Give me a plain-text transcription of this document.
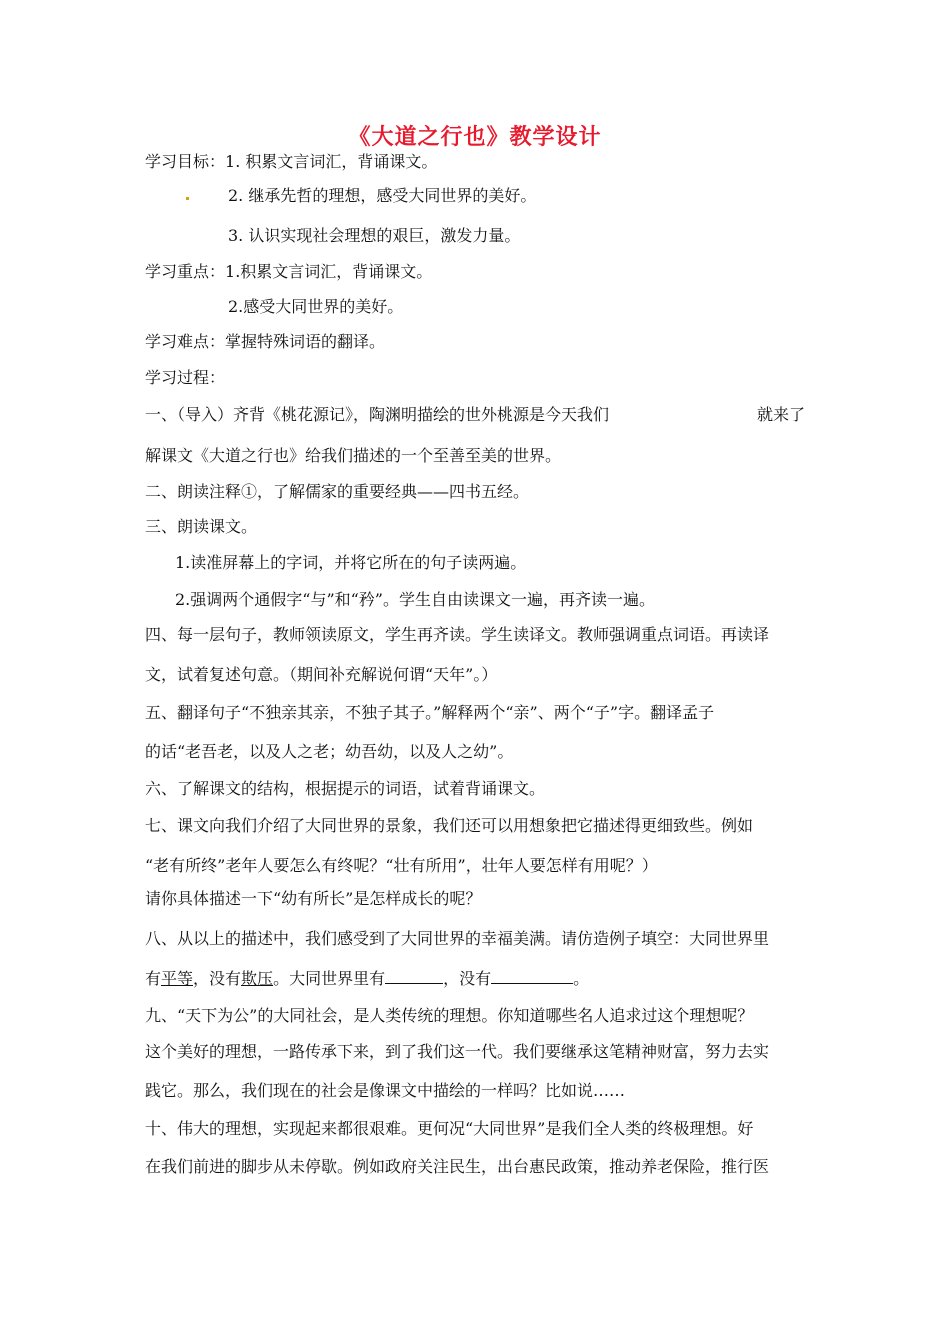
《大道之行也》教学设计
学习目标：1. 积累文言词汇，背诵课文。
2. 继承先哲的理想，感受大同世界的美好。
3. 认识实现社会理想的艰巨，激发力量。
学习重点：1.积累文言词汇，背诵课文。
2.感受大同世界的美好。
学习难点：掌握特殊词语的翻译。
学习过程：
一、（导入）齐背《桃花源记》，陶渊明描绘的世外桃源是今天我们	就来了
解课文《大道之行也》给我们描述的一个至善至美的世界。
二、朗读注释①，了解儒家的重要经典——四书五经。
三、朗读课文。
1.读准屏幕上的字词，并将它所在的句子读两遍。
2.强调两个通假字“与”和“矜”。学生自由读课文一遍，再齐读一遍。
四、每一层句子，教师领读原文，学生再齐读。学生读译文。教师强调重点词语。再读译
文，试着复述句意。（期间补充解说何谓“天年”。）
五、翻译句子“不独亲其亲，不独子其子。”解释两个“亲”、两个“子”字。翻译孟子
的话“老吾老，以及人之老；幼吾幼，以及人之幼”。
六、了解课文的结构，根据提示的词语，试着背诵课文。
七、课文向我们介绍了大同世界的景象，我们还可以用想象把它描述得更细致些。例如
“老有所终”老年人要怎么有终呢？“壮有所用”，壮年人要怎样有用呢？）
请你具体描述一下“幼有所长”是怎样成长的呢？
八、从以上的描述中，我们感受到了大同世界的幸福美满。请仿造例子填空：大同世界里
有平等，没有欺压。大同世界里有	，没有	。
九、“天下为公”的大同社会，是人类传统的理想。你知道哪些名人追求过这个理想呢？
这个美好的理想，一路传承下来，到了我们这一代。我们要继承这笔精神财富，努力去实
践它。那么，我们现在的社会是像课文中描绘的一样吗？比如说……
十、伟大的理想，实现起来都很艰难。更何况“大同世界”是我们全人类的终极理想。好
在我们前进的脚步从未停歇。例如政府关注民生，出台惠民政策，推动养老保险，推行医
